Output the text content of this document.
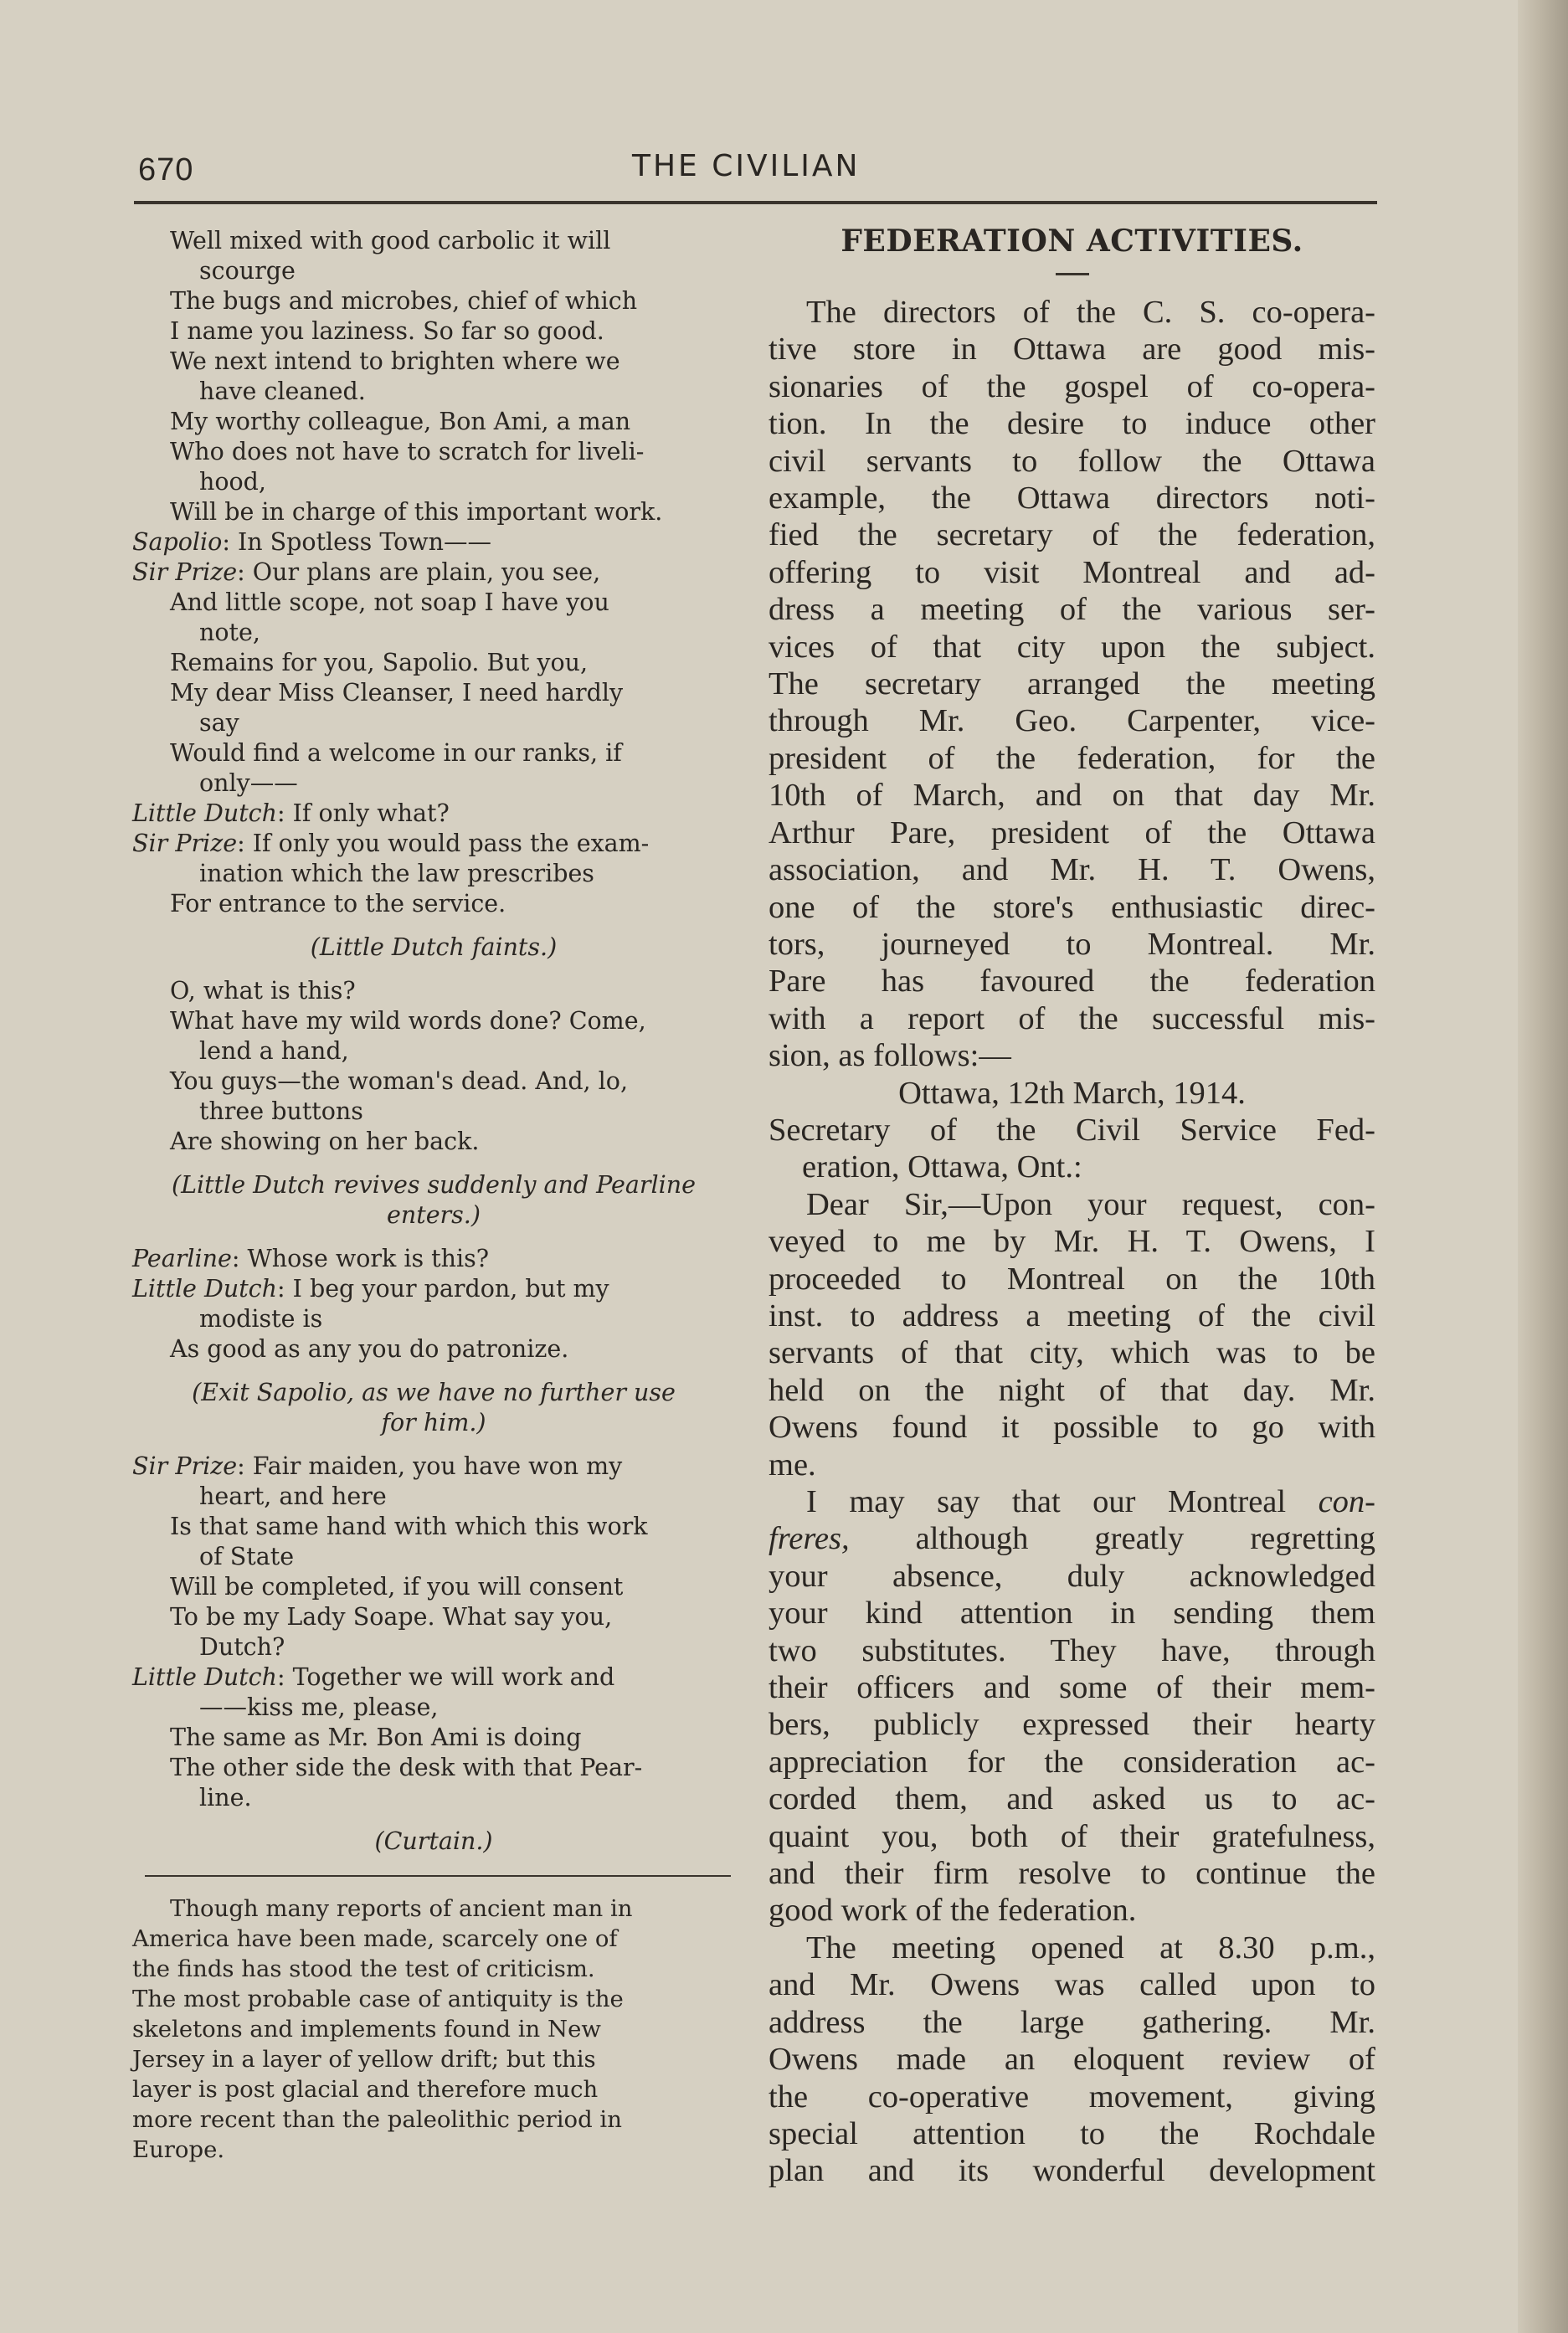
670	THE CIVILIAN
Well mixed with good carbolic it will
scourge
The bugs and microbes, chief of which
I name you laziness. So far so good.
We next intend to brighten where we
have cleaned.
My worthy colleague, Bon Ami, a man
Who does not have to scratch for liveli-
hood,
Will be in charge of this important work.
Sapolio: In Spotless Town——
Sir Prize: Our plans are plain, you see,
And little scope, not soap I have you
note,
Remains for you, Sapolio. But you,
My dear Miss Cleanser, I need hardly
say
Would find a welcome in our ranks, if
only——
Little Dutch: If only what?
Sir Prize: If only you would pass the exam-
ination which the law prescribes
For entrance to the service.
(Little Dutch faints.)
O, what is this?
What have my wild words done? Come,
lend a hand,
You guys—the woman's dead. And, lo,
three buttons
Are showing on her back.
(Little Dutch revives suddenly and Pearline
enters.)
Pearline: Whose work is this?
Little Dutch: I beg your pardon, but my
modiste is
As good as any you do patronize.
(Exit Sapolio, as we have no further use
for him.)
Sir Prize: Fair maiden, you have won my
heart, and here
Is that same hand with which this work
of State
Will be completed, if you will consent
To be my Lady Soape. What say you,
Dutch?
Little Dutch: Together we will work and
——kiss me, please,
The same as Mr. Bon Ami is doing
The other side the desk with that Pear-
line.
(Curtain.)
Though many reports of ancient man in
America have been made, scarcely one of
the finds has stood the test of criticism.
The most probable case of antiquity is the
skeletons and implements found in New
Jersey in a layer of yellow drift; but this
layer is post glacial and therefore much
more recent than the paleolithic period in
Europe.
FEDERATION ACTIVITIES.
The directors of the C. S. co-opera-
tive store in Ottawa are good mis-
sionaries of the gospel of co-opera-
tion. In the desire to induce other
civil servants to follow the Ottawa
example, the Ottawa directors noti-
fied the secretary of the federation,
offering to visit Montreal and ad-
dress a meeting of the various ser-
vices of that city upon the subject.
The secretary arranged the meeting
through Mr. Geo. Carpenter, vice-
president of the federation, for the
10th of March, and on that day Mr.
Arthur Pare, president of the Ottawa
association, and Mr. H. T. Owens,
one of the store's enthusiastic direc-
tors, journeyed to Montreal. Mr.
Pare has favoured the federation
with a report of the successful mis-
sion, as follows:—
Ottawa, 12th March, 1914.
Secretary of the Civil Service Fed-
eration, Ottawa, Ont.:
Dear Sir,—Upon your request, con-
veyed to me by Mr. H. T. Owens, I
proceeded to Montreal on the 10th
inst. to address a meeting of the civil
servants of that city, which was to be
held on the night of that day. Mr.
Owens found it possible to go with
me.
I may say that our Montreal con-
freres, although greatly regretting
your absence, duly acknowledged
your kind attention in sending them
two substitutes. They have, through
their officers and some of their mem-
bers, publicly expressed their hearty
appreciation for the consideration ac-
corded them, and asked us to ac-
quaint you, both of their gratefulness,
and their firm resolve to continue the
good work of the federation.
The meeting opened at 8.30 p.m.,
and Mr. Owens was called upon to
address the large gathering. Mr.
Owens made an eloquent review of
the co-operative movement, giving
special attention to the Rochdale
plan and its wonderful development
